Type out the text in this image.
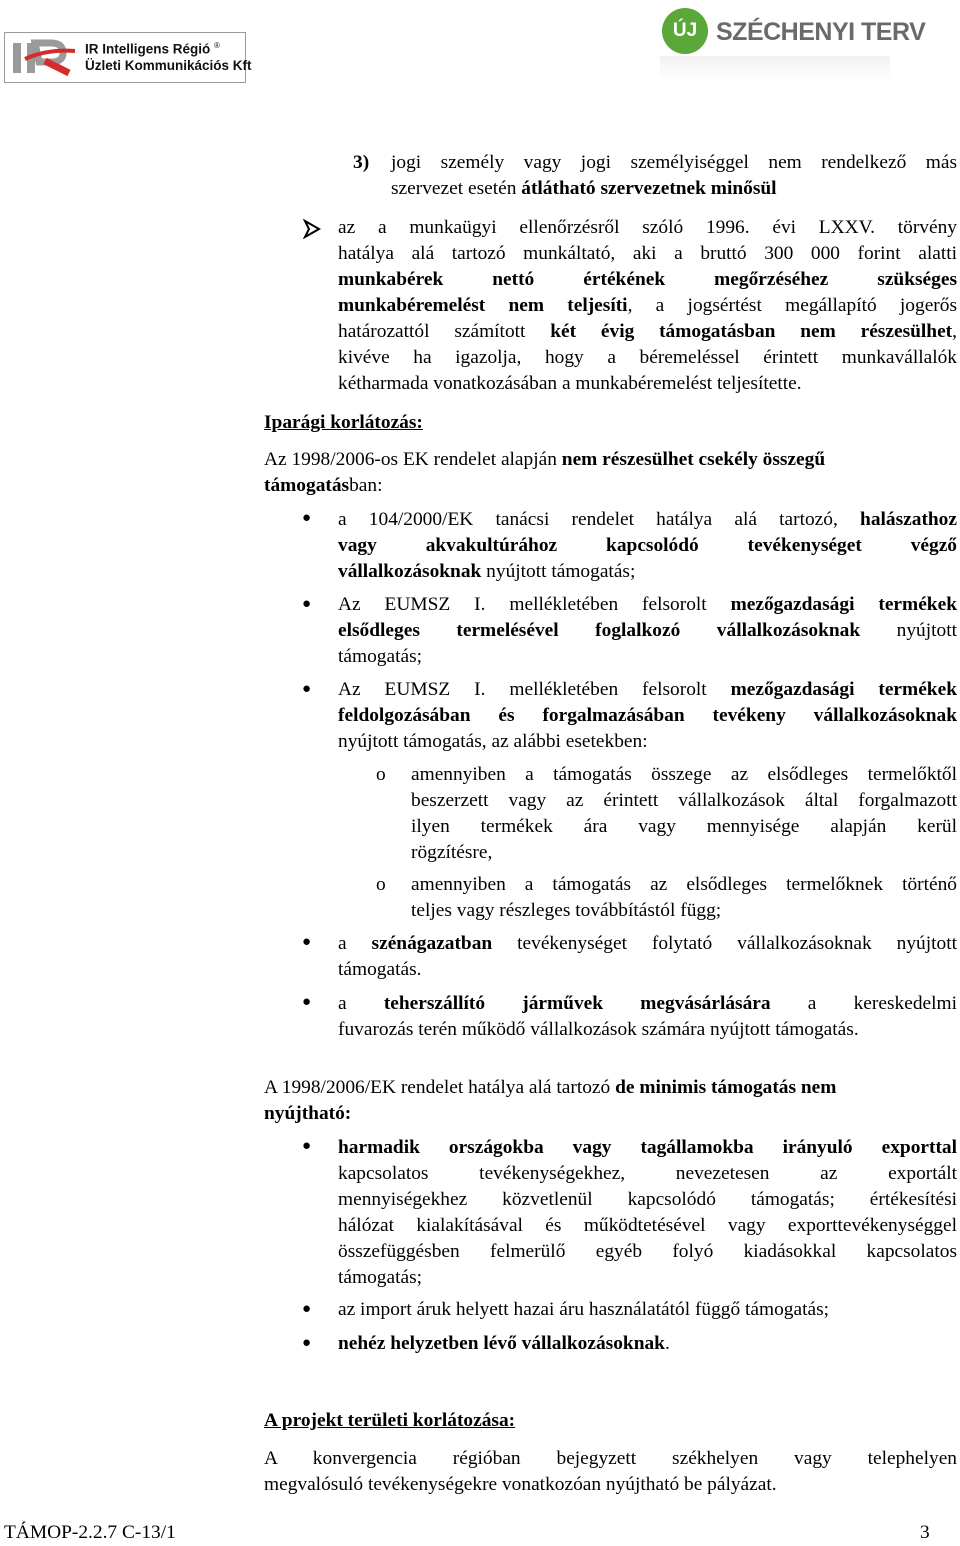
IR Intelligens Régió ®
Üzleti Kommunikációs Kft
ÚJ SZÉCHENYI TERV
3) jogi személy vagy jogi személyiséggel nem rendelkező más
szervezet esetén átlátható szervezetnek minősül
az a munkaügyi ellenőrzésről szóló 1996. évi LXXV. törvény
hatálya alá tartozó munkáltató, aki a bruttó 300 000 forint alatti
munkabérek nettó értékének megőrzéséhez szükséges
munkabéremelést nem teljesíti, a jogsértést megállapító jogerős
határozattól számított két évig támogatásban nem részesülhet,
kivéve ha igazolja, hogy a béremeléssel érintett munkavállalók
kétharmada vonatkozásában a munkabéremelést teljesítette.
Iparági korlátozás:
Az 1998/2006-os EK rendelet alapján nem részesülhet csekély összegű
támogatásban:
● a 104/2000/EK tanácsi rendelet hatálya alá tartozó, halászathoz
vagy akvakultúrához kapcsolódó tevékenységet végző
vállalkozásoknak nyújtott támogatás;
● Az EUMSZ I. mellékletében felsorolt mezőgazdasági termékek
elsődleges termelésével foglalkozó vállalkozásoknak nyújtott
támogatás;
● Az EUMSZ I. mellékletében felsorolt mezőgazdasági termékek
feldolgozásában és forgalmazásában tevékeny vállalkozásoknak
nyújtott támogatás, az alábbi esetekben:
o amennyiben a támogatás összege az elsődleges termelőktől
beszerzett vagy az érintett vállalkozások által forgalmazott
ilyen termékek ára vagy mennyisége alapján kerül
rögzítésre,
o amennyiben a támogatás az elsődleges termelőknek történő
teljes vagy részleges továbbítástól függ;
● a szénágazatban tevékenységet folytató vállalkozásoknak nyújtott
támogatás.
● a teherszállító járművek megvásárlására a kereskedelmi
fuvarozás terén működő vállalkozások számára nyújtott támogatás.
A 1998/2006/EK rendelet hatálya alá tartozó de minimis támogatás nem
nyújtható:
● harmadik országokba vagy tagállamokba irányuló exporttal
kapcsolatos tevékenységekhez, nevezetesen az exportált
mennyiségekhez közvetlenül kapcsolódó támogatás; értékesítési
hálózat kialakításával és működtetésével vagy exporttevékenységgel
összefüggésben felmerülő egyéb folyó kiadásokkal kapcsolatos
támogatás;
● az import áruk helyett hazai áru használatától függő támogatás;
● nehéz helyzetben lévő vállalkozásoknak.
A projekt területi korlátozása:
A konvergencia régióban bejegyzett székhelyen vagy telephelyen
megvalósuló tevékenységekre vonatkozóan nyújtható be pályázat.
TÁMOP-2.2.7 C-13/1	3
